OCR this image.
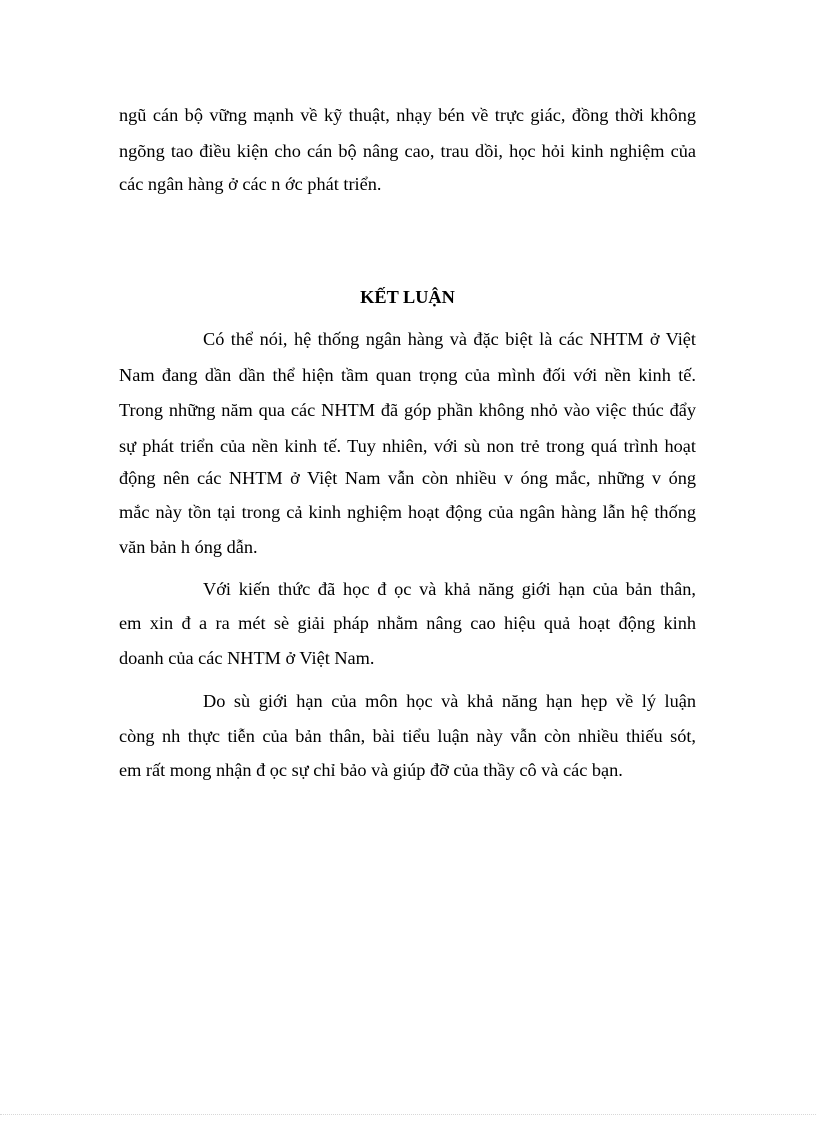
ngũ cán bộ vững mạnh về kỹ thuật, nhạy bén về trực giác, đồng thời không
ngõng tao điều kiện cho cán bộ nâng cao, trau dồi, học hỏi kinh nghiệm của
các ngân hàng ở các n ớc phát triển.
KẾT LUẬN
Có thể nói, hệ thống ngân hàng và đặc biệt là các NHTM ở Việt
Nam đang dần dần thể hiện tầm quan trọng của mình đối với nền kinh tế.
Trong những năm qua các NHTM đã góp phần không nhỏ vào việc thúc đẩy
sự phát triển của nền kinh tế. Tuy nhiên, với sù non trẻ trong quá trình hoạt
động nên các NHTM ở Việt Nam vẫn còn nhiều v óng mắc, những v óng
mắc này tồn tại trong cả kinh nghiệm hoạt động của ngân hàng lẫn hệ thống
văn bản h óng dẫn.
Với kiến thức đã học đ ọc và khả năng giới hạn của bản thân,
em xin đ a ra mét sè giải pháp nhằm nâng cao hiệu quả hoạt động kinh
doanh của các NHTM ở Việt Nam.
Do sù giới hạn của môn học và khả năng hạn hẹp về lý luận
còng nh thực tiễn của bản thân, bài tiểu luận này vẫn còn nhiều thiếu sót,
em rất mong nhận đ ọc sự chỉ bảo và giúp đỡ của thầy cô và các bạn.
